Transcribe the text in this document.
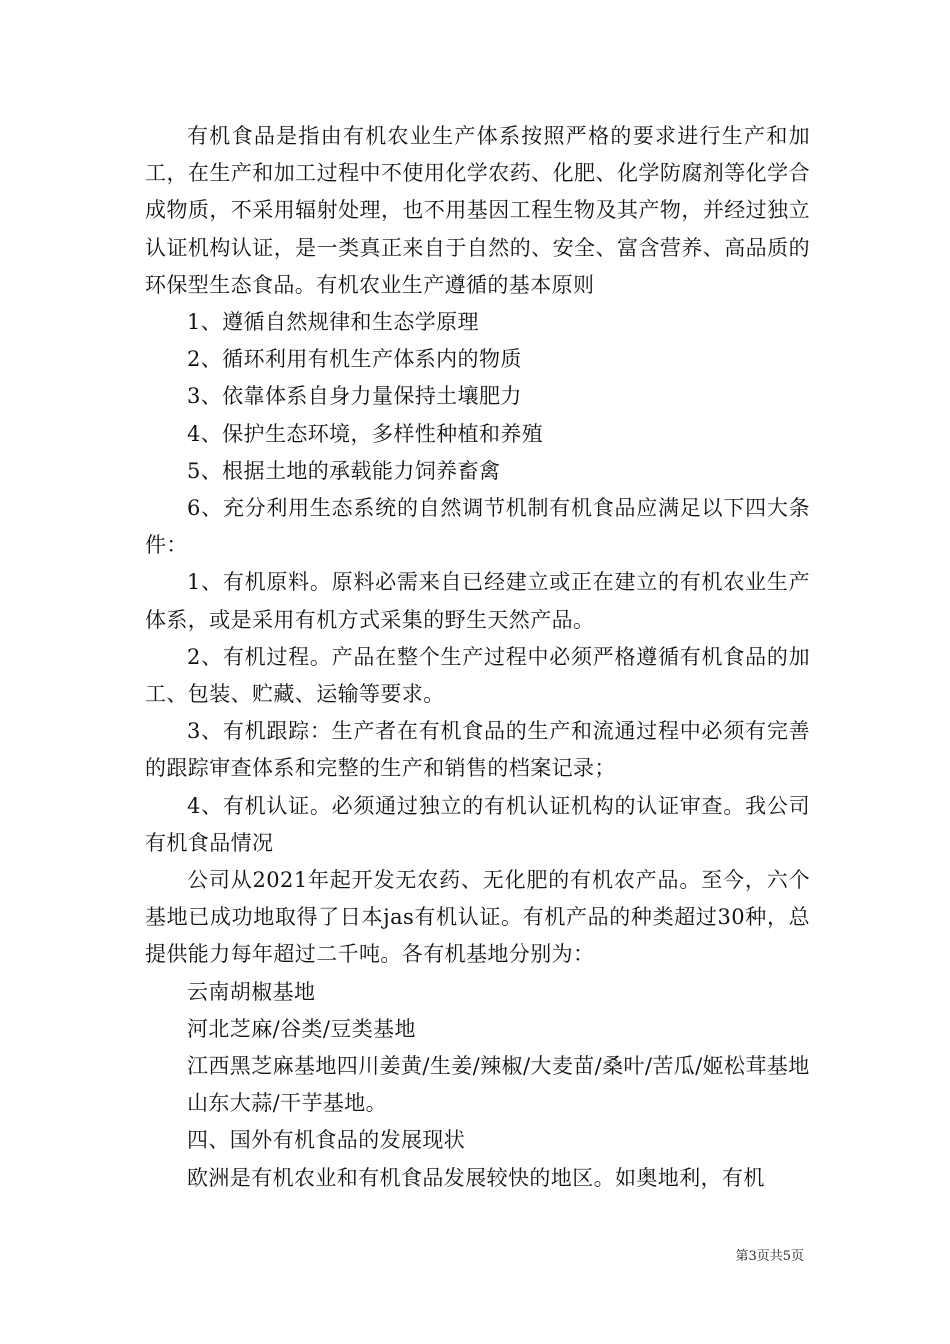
有机食品是指由有机农业生产体系按照严格的要求进行生产和加工，在生产和加工过程中不使用化学农药、化肥、化学防腐剂等化学合成物质，不采用辐射处理，也不用基因工程生物及其产物，并经过独立认证机构认证，是一类真正来自于自然的、安全、富含营养、高品质的环保型生态食品。有机农业生产遵循的基本原则

1、遵循自然规律和生态学原理

2、循环利用有机生产体系内的物质

3、依靠体系自身力量保持土壤肥力

4、保护生态环境，多样性种植和养殖

5、根据土地的承载能力饲养畜禽

6、充分利用生态系统的自然调节机制有机食品应满足以下四大条件：

1、有机原料。原料必需来自已经建立或正在建立的有机农业生产体系，或是采用有机方式采集的野生天然产品。

2、有机过程。产品在整个生产过程中必须严格遵循有机食品的加工、包装、贮藏、运输等要求。

3、有机跟踪：生产者在有机食品的生产和流通过程中必须有完善的跟踪审查体系和完整的生产和销售的档案记录；

4、有机认证。必须通过独立的有机认证机构的认证审查。我公司有机食品情况

公司从2021年起开发无农药、无化肥的有机农产品。至今，六个基地已成功地取得了日本jas有机认证。有机产品的种类超过30种，总提供能力每年超过二千吨。各有机基地分别为：

云南胡椒基地

河北芝麻/谷类/豆类基地

江西黑芝麻基地四川姜黄/生姜/辣椒/大麦苗/桑叶/苦瓜/姬松茸基地

山东大蒜/干芋基地。

四、国外有机食品的发展现状

欧洲是有机农业和有机食品发展较快的地区。如奥地利，有机

第3页共5页
